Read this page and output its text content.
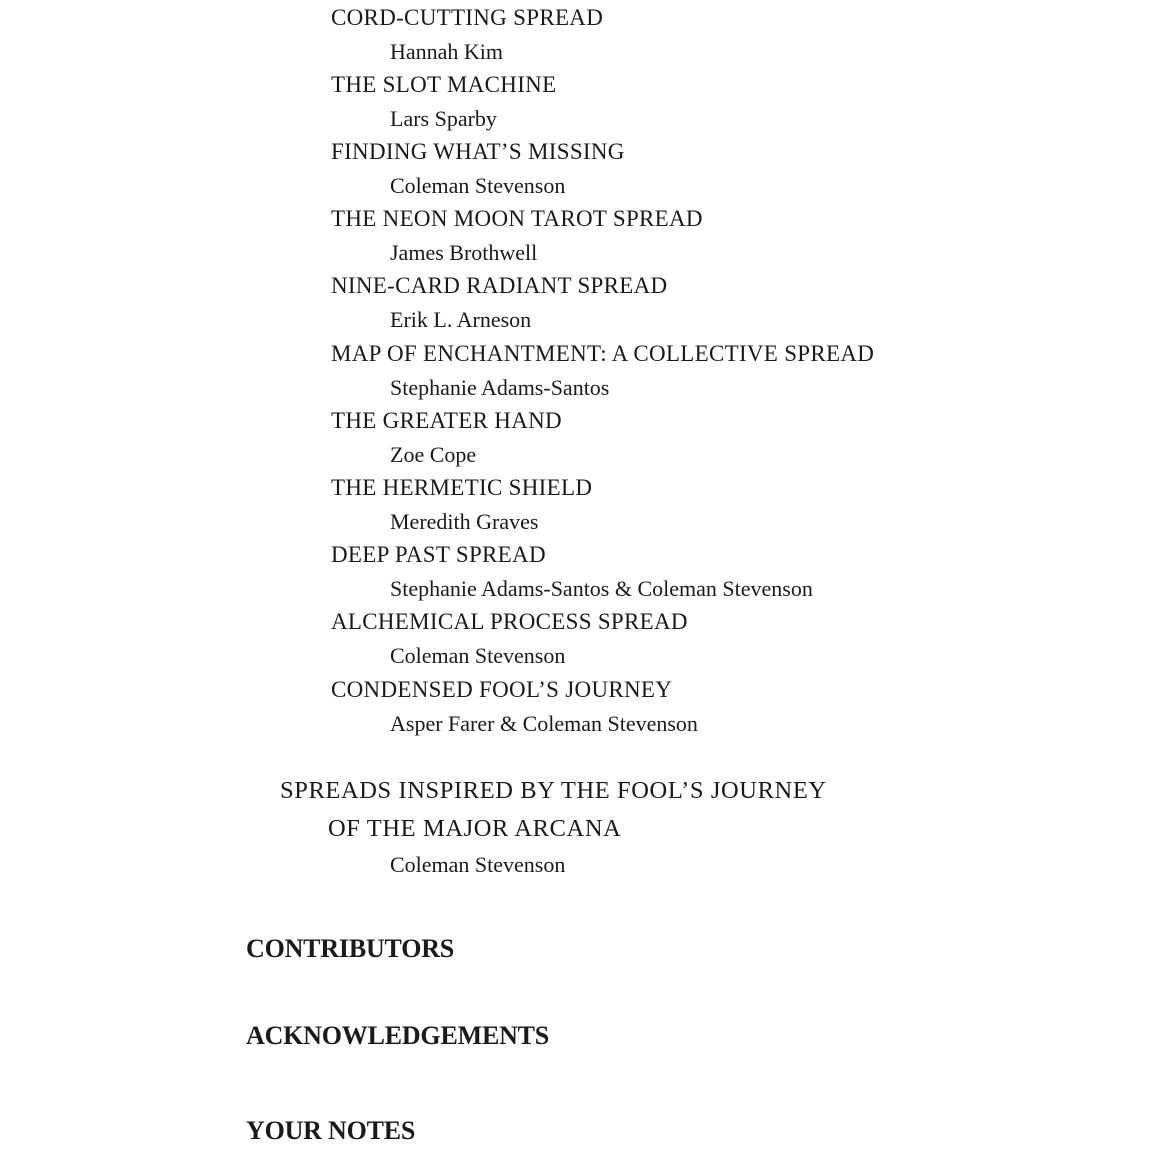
CORD-CUTTING SPREAD
Hannah Kim
THE SLOT MACHINE
Lars Sparby
FINDING WHAT’S MISSING
Coleman Stevenson
THE NEON MOON TAROT SPREAD
James Brothwell
NINE-CARD RADIANT SPREAD
Erik L. Arneson
MAP OF ENCHANTMENT: A COLLECTIVE SPREAD
Stephanie Adams-Santos
THE GREATER HAND
Zoe Cope
THE HERMETIC SHIELD
Meredith Graves
DEEP PAST SPREAD
Stephanie Adams-Santos & Coleman Stevenson
ALCHEMICAL PROCESS SPREAD
Coleman Stevenson
CONDENSED FOOL’S JOURNEY
Asper Farer & Coleman Stevenson
SPREADS INSPIRED BY THE FOOL’S JOURNEY
OF THE MAJOR ARCANA
Coleman Stevenson
CONTRIBUTORS
ACKNOWLEDGEMENTS
YOUR NOTES
